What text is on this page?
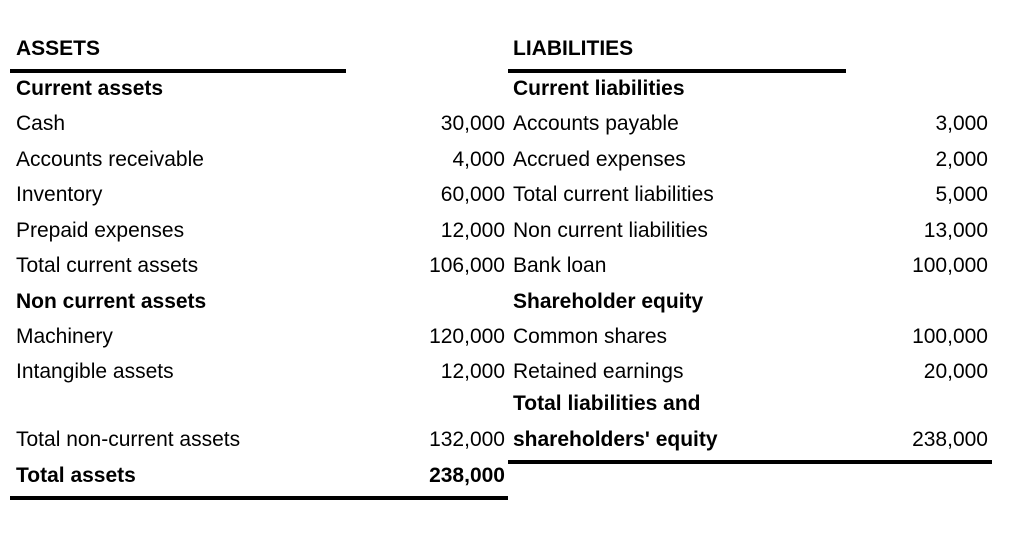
ASSETS
Current assets
Cash	30,000
Accounts receivable	4,000
Inventory	60,000
Prepaid expenses	12,000
Total current assets	106,000
Non current assets
Machinery	120,000
Intangible assets	12,000
Total non-current assets	132,000
Total assets	238,000
LIABILITIES
Current liabilities
Accounts payable	3,000
Accrued expenses	2,000
Total current liabilities	5,000
Non current liabilities	13,000
Bank loan	100,000
Shareholder equity
Common shares	100,000
Retained earnings	20,000
Total liabilities and
shareholders' equity	238,000
